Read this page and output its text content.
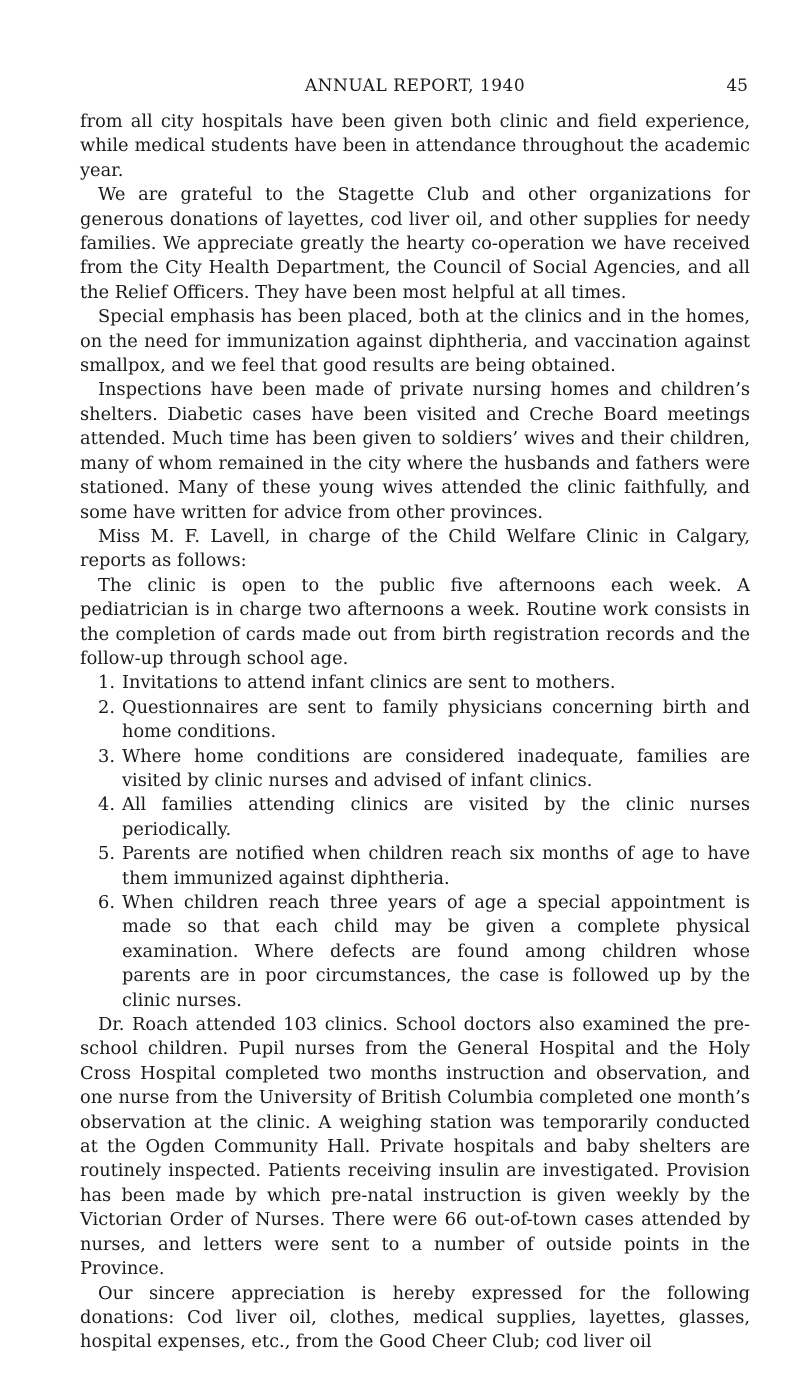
ANNUAL REPORT, 1940	45

from all city hospitals have been given both clinic and field experience, while medical students have been in attendance throughout the academic year.

We are grateful to the Stagette Club and other organizations for generous donations of layettes, cod liver oil, and other supplies for needy families. We appreciate greatly the hearty co-operation we have received from the City Health Department, the Council of Social Agencies, and all the Relief Officers. They have been most helpful at all times.

Special emphasis has been placed, both at the clinics and in the homes, on the need for immunization against diphtheria, and vaccination against smallpox, and we feel that good results are being obtained.

Inspections have been made of private nursing homes and children’s shelters. Diabetic cases have been visited and Creche Board meetings attended. Much time has been given to soldiers’ wives and their children, many of whom remained in the city where the husbands and fathers were stationed. Many of these young wives attended the clinic faithfully, and some have written for advice from other provinces.

Miss M. F. Lavell, in charge of the Child Welfare Clinic in Calgary, reports as follows:

The clinic is open to the public five afternoons each week. A pediatrician is in charge two afternoons a week. Routine work consists in the completion of cards made out from birth registration records and the follow-up through school age.

1. Invitations to attend infant clinics are sent to mothers.
2. Questionnaires are sent to family physicians concerning birth and home conditions.
3. Where home conditions are considered inadequate, families are visited by clinic nurses and advised of infant clinics.
4. All families attending clinics are visited by the clinic nurses periodically.
5. Parents are notified when children reach six months of age to have them immunized against diphtheria.
6. When children reach three years of age a special appointment is made so that each child may be given a complete physical examination. Where defects are found among children whose parents are in poor circumstances, the case is followed up by the clinic nurses.

Dr. Roach attended 103 clinics. School doctors also examined the pre-school children. Pupil nurses from the General Hospital and the Holy Cross Hospital completed two months instruction and observation, and one nurse from the University of British Columbia completed one month’s observation at the clinic. A weighing station was temporarily conducted at the Ogden Community Hall. Private hospitals and baby shelters are routinely inspected. Patients receiving insulin are investigated. Provision has been made by which pre-natal instruction is given weekly by the Victorian Order of Nurses. There were 66 out-of-town cases attended by nurses, and letters were sent to a number of outside points in the Province.

Our sincere appreciation is hereby expressed for the following donations: Cod liver oil, clothes, medical supplies, layettes, glasses, hospital expenses, etc., from the Good Cheer Club; cod liver oil
